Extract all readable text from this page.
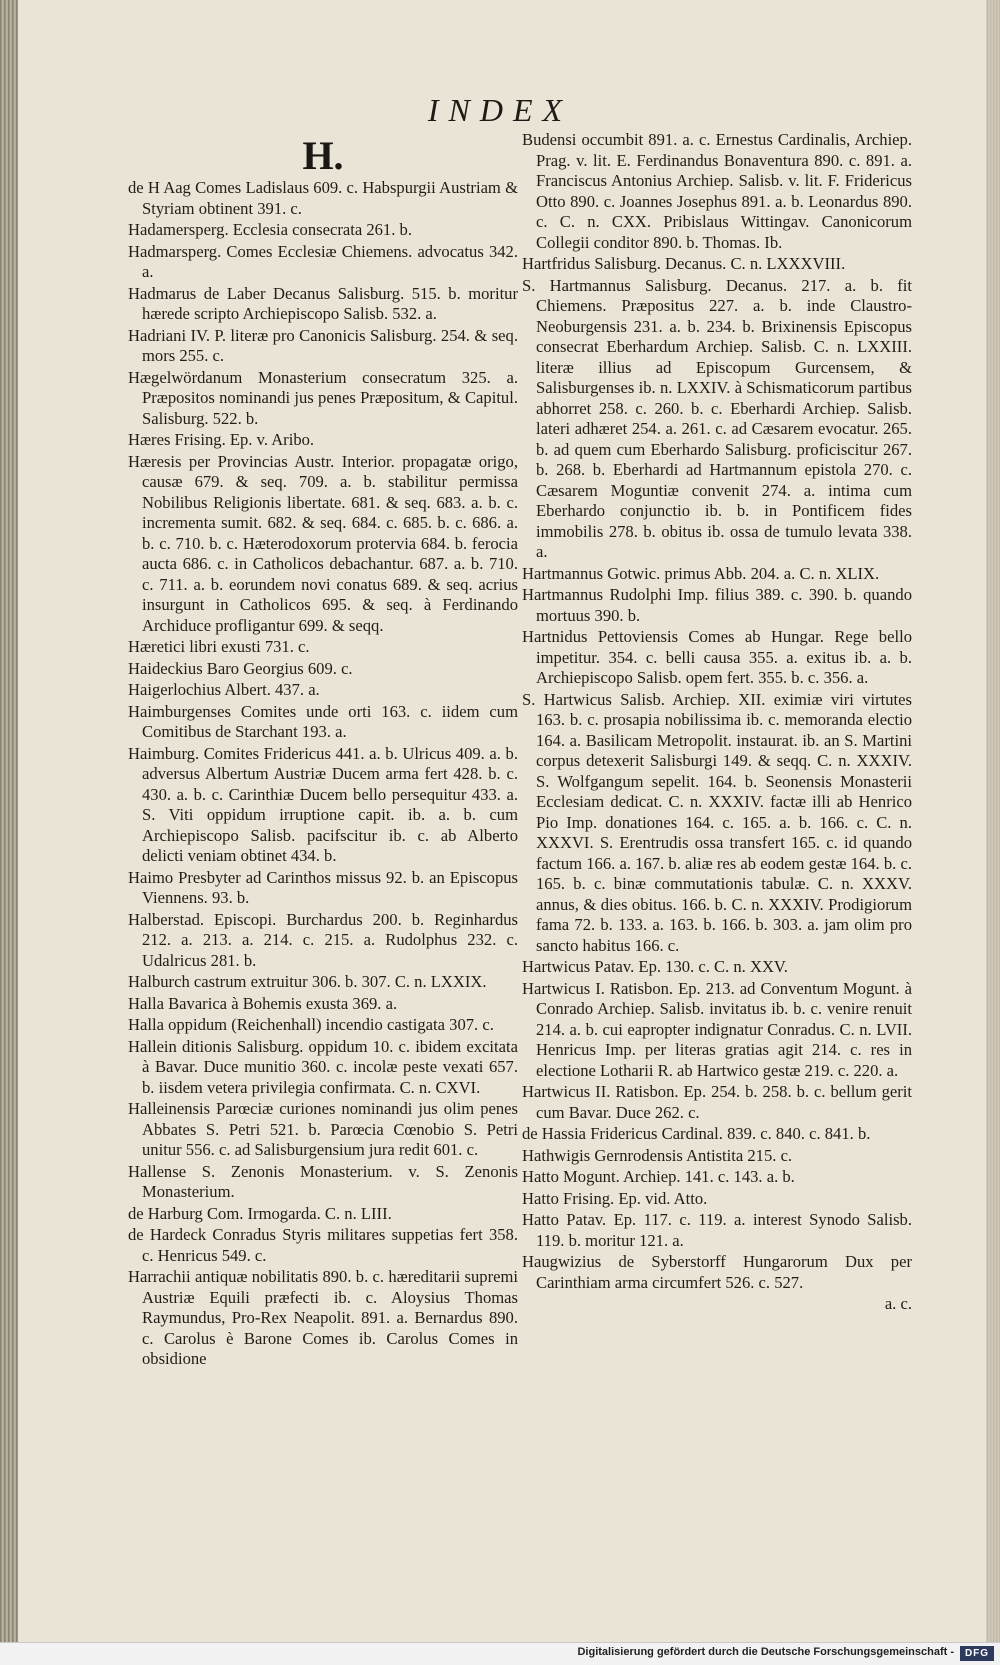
INDEX
H.
de H Aag Comes Ladislaus 609. c. Habspurgii Austriam & Styriam obtinent 391. c.
Hadamersperg. Ecclesia consecrata 261. b.
Hadmarsperg. Comes Ecclesiæ Chiemens. advocatus 342. a.
Hadmarus de Laber Decanus Salisburg. 515. b. moritur hærede scripto Archiepiscopo Salisb. 532. a.
Hadriani IV. P. literæ pro Canonicis Salisburg. 254. & seq. mors 255. c.
Hægelwördanum Monasterium consecratum 325. a. Præpositos nominandi jus penes Præpositum, & Capitul. Salisburg. 522. b.
Hæres Frising. Ep. v. Aribo.
Hæresis per Provincias Austr. Interior. propagatæ origo, causæ 679. & seq. 709. a. b. stabilitur permissa Nobilibus Religionis libertate. 681. & seq. 683. a. b. c. incrementa sumit. 682. & seq. 684. c. 685. b. c. 686. a. b. c. 710. b. c. Hæterodoxorum protervia 684. b. ferocia aucta 686. c. in Catholicos debachantur. 687. a. b. 710. c. 711. a. b. eorundem novi conatus 689. & seq. acrius insurgunt in Catholicos 695. & seq. à Ferdinando Archiduce profligantur 699. & seqq.
Hæretici libri exusti 731. c.
Haideckius Baro Georgius 609. c.
Haigerlochius Albert. 437. a.
Haimburgenses Comites unde orti 163. c. iidem cum Comitibus de Starchant 193. a.
Haimburg. Comites Fridericus 441. a. b. Ulricus 409. a. b. adversus Albertum Austriæ Ducem arma fert 428. b. c. 430. a. b. c. Carinthiæ Ducem bello persequitur 433. a. S. Viti oppidum irruptione capit. ib. a. b. cum Archiepiscopo Salisb. pacifscitur ib. c. ab Alberto delicti veniam obtinet 434. b.
Haimo Presbyter ad Carinthos missus 92. b. an Episcopus Viennens. 93. b.
Halberstad. Episcopi. Burchardus 200. b. Reginhardus 212. a. 213. a. 214. c. 215. a. Rudolphus 232. c. Udalricus 281. b.
Halburch castrum extruitur 306. b. 307. C. n. LXXIX.
Halla Bavarica à Bohemis exusta 369. a.
Halla oppidum (Reichenhall) incendio castigata 307. c.
Hallein ditionis Salisburg. oppidum 10. c. ibidem excitata à Bavar. Duce munitio 360. c. incolæ peste vexati 657. b. iisdem vetera privilegia confirmata. C. n. CXVI.
Halleinensis Parœciæ curiones nominandi jus olim penes Abbates S. Petri 521. b. Parœcia Cœnobio S. Petri unitur 556. c. ad Salisburgensium jura redit 601. c.
Hallense S. Zenonis Monasterium. v. S. Zenonis Monasterium.
de Harburg Com. Irmogarda. C. n. LIII.
de Hardeck Conradus Styris militares suppetias fert 358. c. Henricus 549. c.
Harrachii antiquæ nobilitatis 890. b. c. hæreditarii supremi Austriæ Equili præfecti ib. c. Aloysius Thomas Raymundus, Pro-Rex Neapolit. 891. a. Bernardus 890. c. Carolus è Barone Comes ib. Carolus Comes in obsidione
Budensi occumbit 891. a. c. Ernestus Cardinalis, Archiep. Prag. v. lit. E. Ferdinandus Bonaventura 890. c. 891. a. Franciscus Antonius Archiep. Salisb. v. lit. F. Fridericus Otto 890. c. Joannes Josephus 891. a. b. Leonardus 890. c. C. n. CXX. Pribislaus Wittingav. Canonicorum Collegii conditor 890. b. Thomas. Ib.
Hartfridus Salisburg. Decanus. C. n. LXXXVIII.
S. Hartmannus Salisburg. Decanus. 217. a. b. fit Chiemens. Præpositus 227. a. b. inde Claustro-Neoburgensis 231. a. b. 234. b. Brixinensis Episcopus consecrat Eberhardum Archiep. Salisb. C. n. LXXIII. literæ illius ad Episcopum Gurcensem, & Salisburgenses ib. n. LXXIV. à Schismaticorum partibus abhorret 258. c. 260. b. c. Eberhardi Archiep. Salisb. lateri adhæret 254. a. 261. c. ad Cæsarem evocatur. 265. b. ad quem cum Eberhardo Salisburg. proficiscitur 267. b. 268. b. Eberhardi ad Hartmannum epistola 270. c. Cæsarem Moguntiæ convenit 274. a. intima cum Eberhardo conjunctio ib. b. in Pontificem fides immobilis 278. b. obitus ib. ossa de tumulo levata 338. a.
Hartmannus Gotwic. primus Abb. 204. a. C. n. XLIX.
Hartmannus Rudolphi Imp. filius 389. c. 390. b. quando mortuus 390. b.
Hartnidus Pettoviensis Comes ab Hungar. Rege bello impetitur. 354. c. belli causa 355. a. exitus ib. a. b. Archiepiscopo Salisb. opem fert. 355. b. c. 356. a.
S. Hartwicus Salisb. Archiep. XII. eximiæ viri virtutes 163. b. c. prosapia nobilissima ib. c. memoranda electio 164. a. Basilicam Metropolit. instaurat. ib. an S. Martini corpus detexerit Salisburgi 149. & seqq. C. n. XXXIV. S. Wolfgangum sepelit. 164. b. Seonensis Monasterii Ecclesiam dedicat. C. n. XXXIV. factæ illi ab Henrico Pio Imp. donationes 164. c. 165. a. b. 166. c. C. n. XXXVI. S. Erentrudis ossa transfert 165. c. id quando factum 166. a. 167. b. aliæ res ab eodem gestæ 164. b. c. 165. b. c. binæ commutationis tabulæ. C. n. XXXV. annus, & dies obitus. 166. b. C. n. XXXIV. Prodigiorum fama 72. b. 133. a. 163. b. 166. b. 303. a. jam olim pro sancto habitus 166. c.
Hartwicus Patav. Ep. 130. c. C. n. XXV.
Hartwicus I. Ratisbon. Ep. 213. ad Conventum Mogunt. à Conrado Archiep. Salisb. invitatus ib. b. c. venire renuit 214. a. b. cui eapropter indignatur Conradus. C. n. LVII. Henricus Imp. per literas gratias agit 214. c. res in electione Lotharii R. ab Hartwico gestæ 219. c. 220. a.
Hartwicus II. Ratisbon. Ep. 254. b. 258. b. c. bellum gerit cum Bavar. Duce 262. c.
de Hassia Fridericus Cardinal. 839. c. 840. c. 841. b.
Hathwigis Gernrodensis Antistita 215. c.
Hatto Mogunt. Archiep. 141. c. 143. a. b.
Hatto Frising. Ep. vid. Atto.
Hatto Patav. Ep. 117. c. 119. a. interest Synodo Salisb. 119. b. moritur 121. a.
Haugwizius de Syberstorff Hungarorum Dux per Carinthiam arma circumfert 526. c. 527.
a. c.
Digitalisierung gefördert durch die Deutsche Forschungsgemeinschaft -	DFG
